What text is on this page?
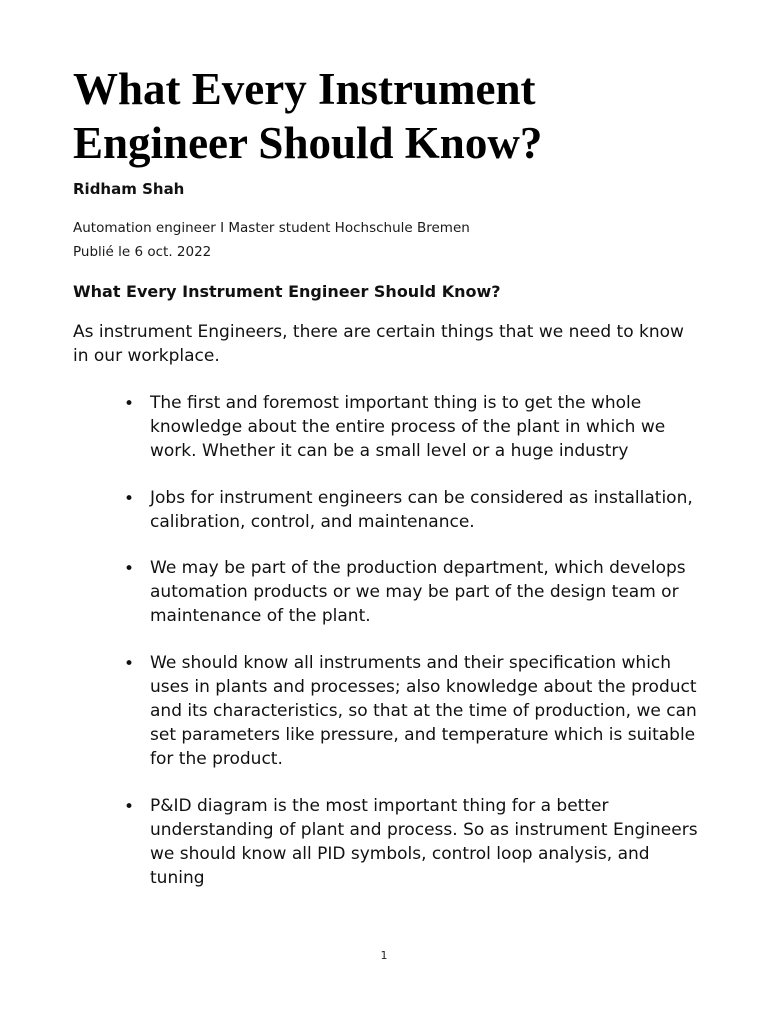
What Every Instrument Engineer Should Know?
Ridham Shah
Automation engineer I Master student Hochschule Bremen
Publié le 6 oct. 2022
What Every Instrument Engineer Should Know?

As instrument Engineers, there are certain things that we need to know in our workplace.

• The first and foremost important thing is to get the whole knowledge about the entire process of the plant in which we work. Whether it can be a small level or a huge industry
• Jobs for instrument engineers can be considered as installation, calibration, control, and maintenance.
• We may be part of the production department, which develops automation products or we may be part of the design team or maintenance of the plant.
• We should know all instruments and their specification which uses in plants and processes; also knowledge about the product and its characteristics, so that at the time of production, we can set parameters like pressure, and temperature which is suitable for the product.
• P&ID diagram is the most important thing for a better understanding of plant and process. So as instrument Engineers we should know all PID symbols, control loop analysis, and tuning
1
